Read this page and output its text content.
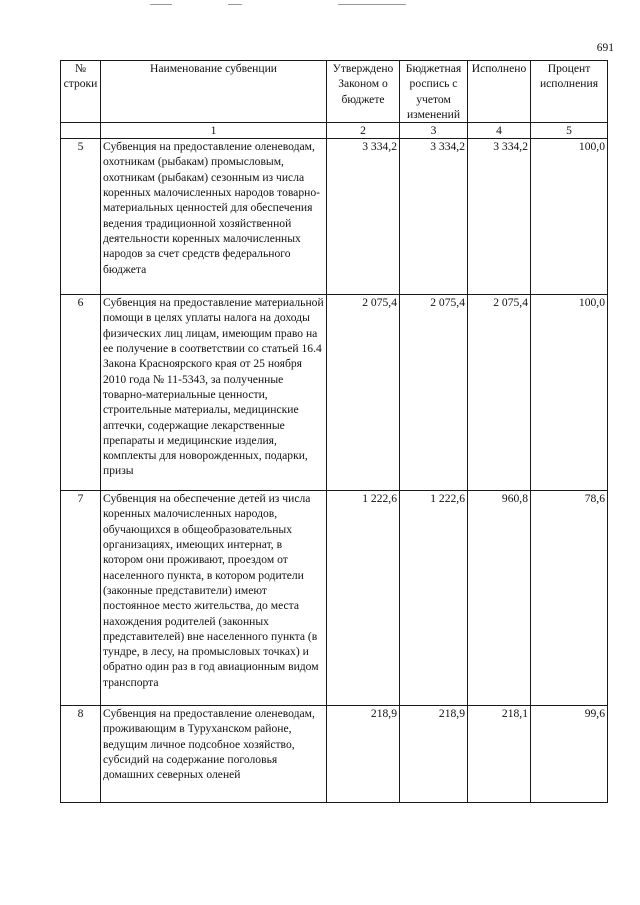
691
№ строки	Наименование субвенции	Утверждено Законом о бюджете	Бюджетная роспись с учетом изменений	Исполнено	Процент исполнения
	1	2	3	4	5
5	Субвенция на предоставление оленеводам, охотникам (рыбакам) промысловым, охотникам (рыбакам) сезонным из числа коренных малочисленных народов товарно-материальных ценностей для обеспечения ведения традиционной хозяйственной деятельности коренных малочисленных народов за счет средств федерального бюджета	3 334,2	3 334,2	3 334,2	100,0
6	Субвенция на предоставление материальной помощи в целях уплаты налога на доходы физических лиц лицам, имеющим право на ее получение в соответствии со статьей 16.4 Закона Красноярского края от 25 ноября 2010 года № 11-5343, за полученные товарно-материальные ценности, строительные материалы, медицинские аптечки, содержащие лекарственные препараты и медицинские изделия, комплекты для новорожденных, подарки, призы	2 075,4	2 075,4	2 075,4	100,0
7	Субвенция на обеспечение детей из числа коренных малочисленных народов, обучающихся в общеобразовательных организациях, имеющих интернат, в котором они проживают, проездом от населенного пункта, в котором родители (законные представители) имеют постоянное место жительства, до места нахождения родителей (законных представителей) вне населенного пункта (в тундре, в лесу, на промысловых точках) и обратно один раз в год авиационным видом транспорта	1 222,6	1 222,6	960,8	78,6
8	Субвенция на предоставление оленеводам, проживающим в Туруханском районе, ведущим личное подсобное хозяйство, субсидий на содержание поголовья домашних северных оленей	218,9	218,9	218,1	99,6
